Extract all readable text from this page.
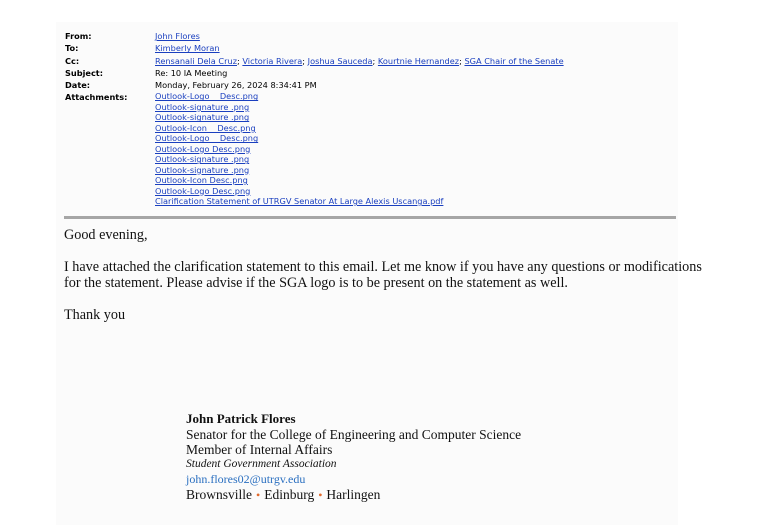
From:	John Flores
To:	Kimberly Moran
Cc:	Rensanali Dela Cruz; Victoria Rivera; Joshua Sauceda; Kourtnie Hernandez; SGA Chair of the Senate
Subject:	Re: 10 IA Meeting
Date:	Monday, February 26, 2024 8:34:41 PM
Attachments:	Outlook-Logo    Desc.png
Outlook-signature .png
Outlook-signature .png
Outlook-Icon    Desc.png
Outlook-Logo    Desc.png
Outlook-Logo Desc.png
Outlook-signature .png
Outlook-signature .png
Outlook-Icon Desc.png
Outlook-Logo Desc.png
Clarification Statement of UTRGV Senator At Large Alexis Uscanga.pdf

Good evening,

I have attached the clarification statement to this email. Let me know if you have any questions or modifications for the statement. Please advise if the SGA logo is to be present on the statement as well.

Thank you

John Patrick Flores
Senator for the College of Engineering and Computer Science
Member of Internal Affairs
Student Government Association
john.flores02@utrgv.edu
Brownsville • Edinburg • Harlingen
